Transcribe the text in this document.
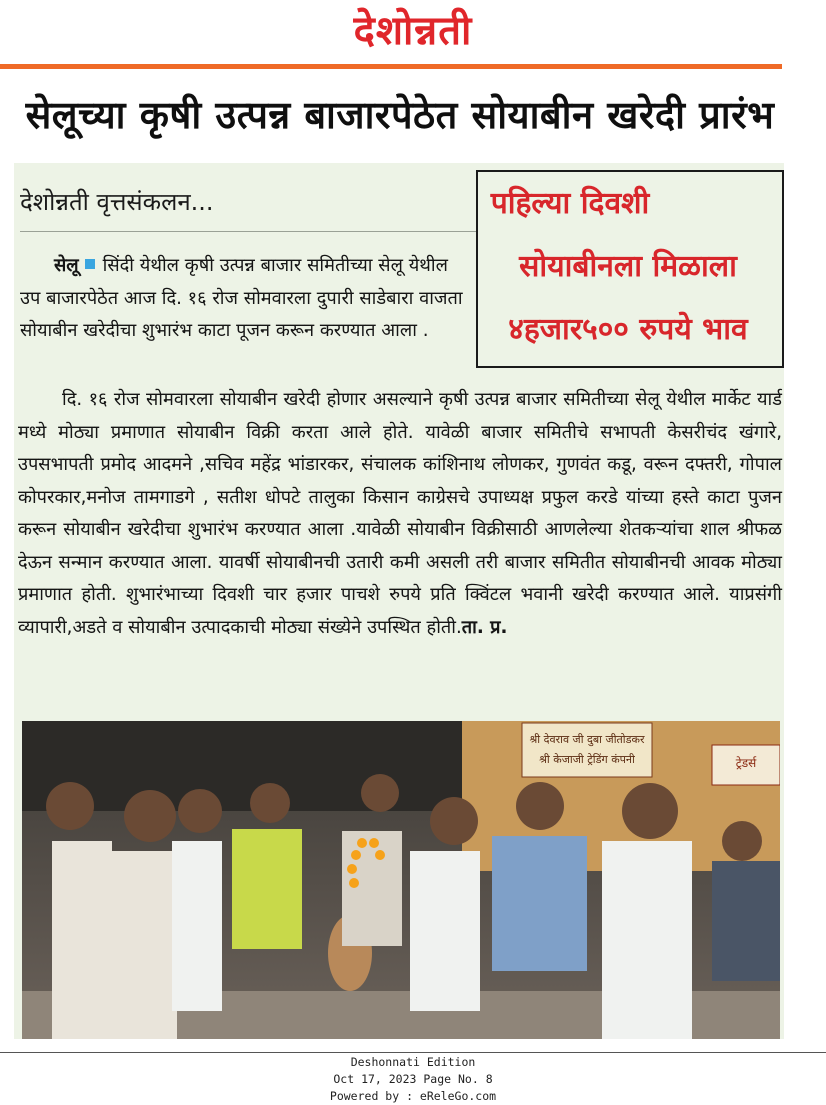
देशोन्नती
सेलूच्या कृषी उत्पन्न बाजारपेठेत सोयाबीन खरेदी प्रारंभ
देशोन्नती वृत्तसंकलन...	पहिल्या दिवशी
सोयाबीनला मिळाला
४हजार५०० रुपये भाव
सेलू सिंदी येथील कृषी उत्पन्न बाजार समितीच्या सेलू येथील उप बाजारपेठेत आज दि. १६ रोज सोमवारला दुपारी साडेबारा वाजता सोयाबीन खरेदीचा शुभारंभ काटा पूजन करून करण्यात आला .
दि. १६ रोज सोमवारला सोयाबीन खरेदी होणार असल्याने कृषी उत्पन्न बाजार समितीच्या सेलू येथील मार्केट यार्ड मध्ये मोठ्या प्रमाणात सोयाबीन विक्री करता आले होते. यावेळी बाजार समितीचे सभापती केसरीचंद खंगारे, उपसभापती प्रमोद आदमने ,सचिव महेंद्र भांडारकर, संचालक कांशिनाथ लोणकर, गुणवंत कडू, वरून दफ्तरी, गोपाल कोपरकार,मनोज तामगाडगे , सतीश धोपटे तालुका किसान काग्रेसचे उपाध्यक्ष प्रफुल करडे यांच्या हस्ते काटा पुजन करून सोयाबीन खरेदीचा शुभारंभ करण्यात आला .यावेळी सोयाबीन विक्रीसाठी आणलेल्या शेतकऱ्यांचा शाल श्रीफळ देऊन सन्मान करण्यात आला. यावर्षी सोयाबीनची उतारी कमी असली तरी बाजार समितीत सोयाबीनची आवक मोठ्या प्रमाणात होती. शुभारंभाच्या दिवशी चार हजार पाचशे रुपये प्रति क्विंटल भवानी खरेदी करण्यात आले. याप्रसंगी व्यापारी,अडते व सोयाबीन उत्पादकाची मोठ्या संख्येने उपस्थित होती.ता. प्र.
श्री देवराव जी दुबा जीतोडकर
श्री केजाजी ट्रेडिंग कंपनी	ट्रेडर्स
Deshonnati Edition
Oct 17, 2023 Page No. 8
Powered by : eReleGo.com
